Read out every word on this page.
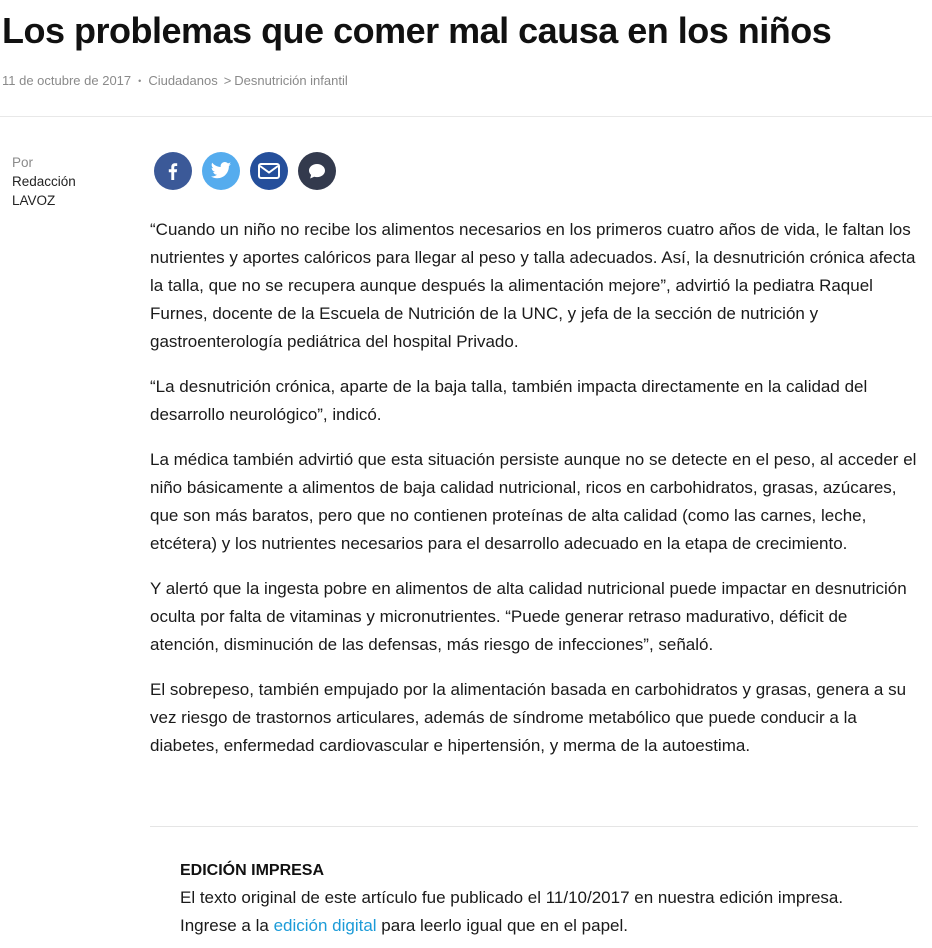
Los problemas que comer mal causa en los niños
11 de octubre de 2017 • Ciudadanos > Desnutrición infantil
Por
Redacción
LAVOZ

“Cuando un niño no recibe los alimentos necesarios en los primeros cuatro años de vida, le faltan los nutrientes y aportes calóricos para llegar al peso y talla adecuados. Así, la desnutrición crónica afecta la talla, que no se recupera aunque después la alimentación mejore”, advirtió la pediatra Raquel Furnes, docente de la Escuela de Nutrición de la UNC, y jefa de la sección de nutrición y gastroenterología pediátrica del hospital Privado.

“La desnutrición crónica, aparte de la baja talla, también impacta directamente en la calidad del desarrollo neurológico”, indicó.

La médica también advirtió que esta situación persiste aunque no se detecte en el peso, al acceder el niño básicamente a alimentos de baja calidad nutricional, ricos en carbohidratos, grasas, azúcares, que son más baratos, pero que no contienen proteínas de alta calidad (como las carnes, leche, etcétera) y los nutrientes necesarios para el desarrollo adecuado en la etapa de crecimiento.

Y alertó que la ingesta pobre en alimentos de alta calidad nutricional puede impactar en desnutrición oculta por falta de vitaminas y micronutrientes. “Puede generar retraso madurativo, déficit de atención, disminución de las defensas, más riesgo de infecciones”, señaló.

El sobrepeso, también empujado por la alimentación basada en carbohidratos y grasas, genera a su vez riesgo de trastornos articulares, además de síndrome metabólico que puede conducir a la diabetes, enfermedad cardiovascular e hipertensión, y merma de la autoestima.

EDICIÓN IMPRESA
El texto original de este artículo fue publicado el 11/10/2017 en nuestra edición impresa.
Ingrese a la edición digital para leerlo igual que en el papel.
